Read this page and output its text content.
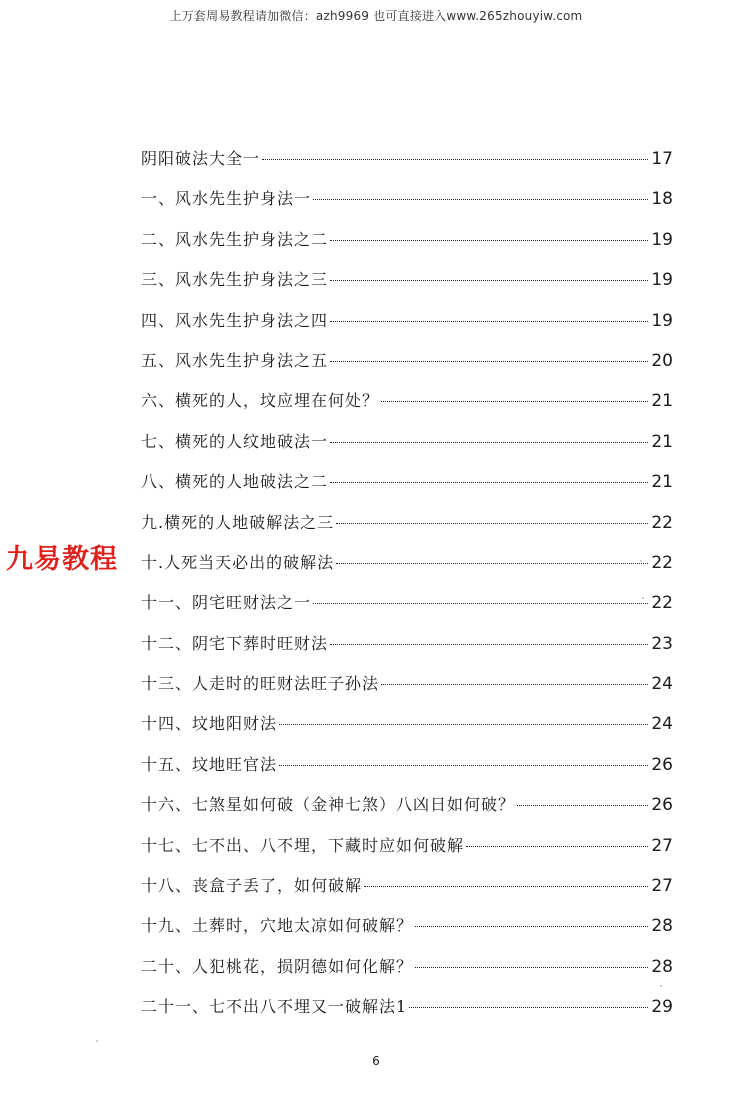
上万套周易教程请加微信：azh9969 也可直接进入www.265zhouyiw.com
阴阳破法大全一	17
一、风水先生护身法一	18
二、风水先生护身法之二	19
三、风水先生护身法之三	19
四、风水先生护身法之四	19
五、风水先生护身法之五	20
六、横死的人，坟应埋在何处？	21
七、横死的人纹地破法一	21
八、横死的人地破法之二	21
九.横死的人地破解法之三	22
十.人死当天必出的破解法	22
十一、阴宅旺财法之一	22
十二、阴宅下葬时旺财法	23
十三、人走时的旺财法旺子孙法	24
十四、坟地阳财法	24
十五、坟地旺官法	26
十六、七煞星如何破（金神七煞）八凶日如何破？	26
十七、七不出、八不埋，下藏时应如何破解	27
十八、丧盒子丢了，如何破解	27
十九、土葬时，穴地太凉如何破解？	28
二十、人犯桃花，损阴德如何化解？	28
二十一、七不出八不埋又一破解法1	29
九易教程
6
